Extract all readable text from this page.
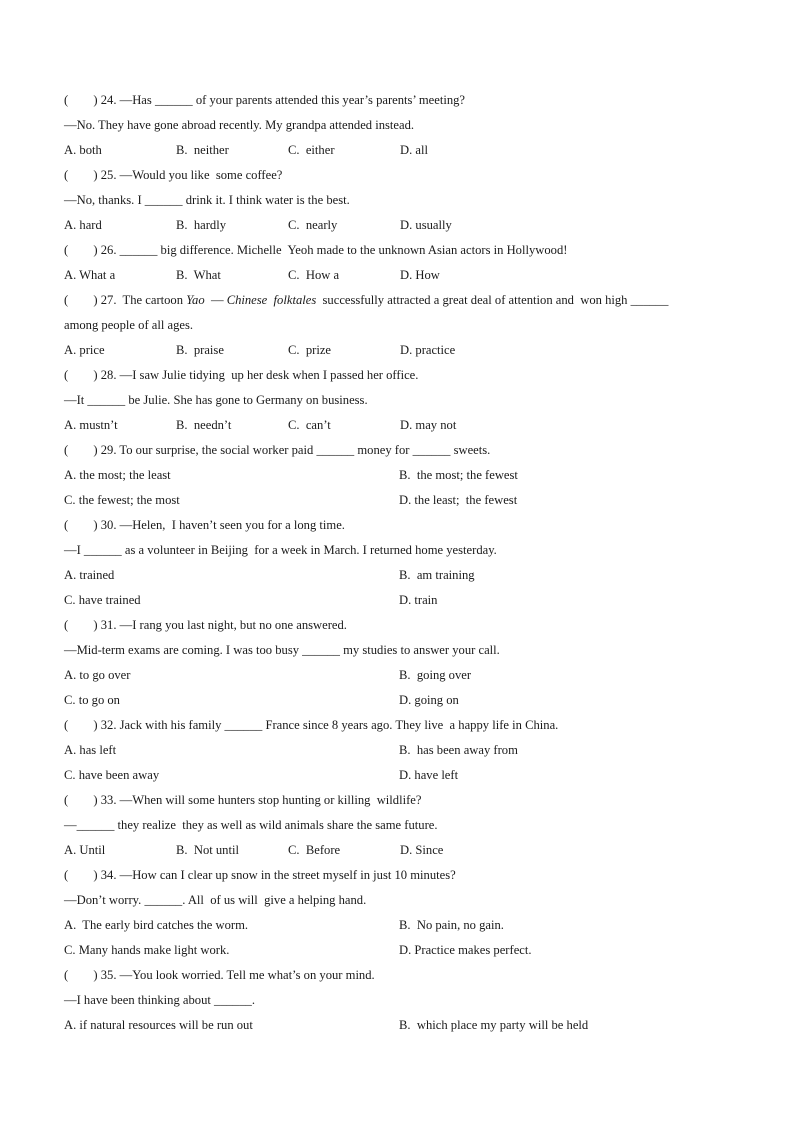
(        ) 24. —Has ______ of your parents attended this year’s parents’ meeting?
—No. They have gone abroad recently. My grandpa attended instead.
A. both	B.  neither	C.  either	D. all
(        ) 25. —Would you like  some coffee?
—No, thanks. I ______ drink it. I think water is the best.
A. hard	B.  hardly	C.  nearly	D. usually
(        ) 26. ______ big difference. Michelle  Yeoh made to the unknown Asian actors in Hollywood!
A. What a	B.  What	C.  How a	D. How
(        ) 27.  The cartoon Yao  — Chinese  folktales  successfully attracted a great deal of attention and  won high ______
among people of all ages.
A. price	B.  praise	C.  prize	D. practice
(        ) 28. —I saw Julie tidying  up her desk when I passed her office.
—It ______ be Julie. She has gone to Germany on business.
A. mustn’t	B.  needn’t	C.  can’t	D. may not
(        ) 29. To our surprise, the social worker paid ______ money for ______ sweets.
A. the most; the least	B.  the most; the fewest
C. the fewest; the most	D. the least;  the fewest
(        ) 30. —Helen,  I haven’t seen you for a long time.
—I ______ as a volunteer in Beijing  for a week in March. I returned home yesterday.
A. trained	B.  am training
C. have trained	D. train
(        ) 31. —I rang you last night, but no one answered.
—Mid-term exams are coming. I was too busy ______ my studies to answer your call.
A. to go over	B.  going over
C. to go on	D. going on
(        ) 32. Jack with his family ______ France since 8 years ago. They live  a happy life in China.
A. has left	B.  has been away from
C. have been away	D. have left
(        ) 33. —When will some hunters stop hunting or killing  wildlife?
—______ they realize  they as well as wild animals share the same future.
A. Until	B.  Not until	C.  Before	D. Since
(        ) 34. —How can I clear up snow in the street myself in just 10 minutes?
—Don’t worry. ______. All  of us will  give a helping hand.
A.  The early bird catches the worm.	B.  No pain, no gain.
C. Many hands make light work.	D. Practice makes perfect.
(        ) 35. —You look worried. Tell me what’s on your mind.
—I have been thinking about ______.
A. if natural resources will be run out	B.  which place my party will be held
